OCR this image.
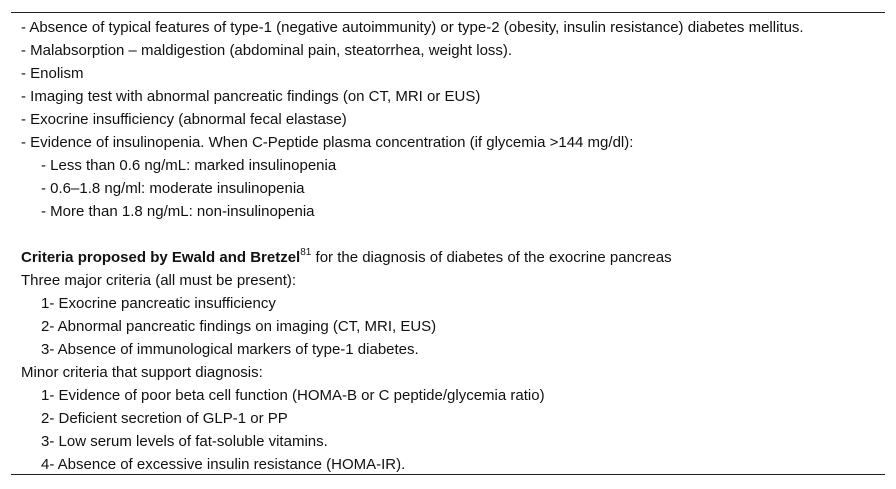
- Absence of typical features of type-1 (negative autoimmunity) or type-2 (obesity, insulin resistance) diabetes mellitus.
- Malabsorption – maldigestion (abdominal pain, steatorrhea, weight loss).
- Enolism
- Imaging test with abnormal pancreatic findings (on CT, MRI or EUS)
- Exocrine insufficiency (abnormal fecal elastase)
- Evidence of insulinopenia. When C-Peptide plasma concentration (if glycemia >144 mg/dl):
- Less than 0.6 ng/mL: marked insulinopenia
- 0.6–1.8 ng/ml: moderate insulinopenia
- More than 1.8 ng/mL: non-insulinopenia
Criteria proposed by Ewald and Bretzel$^{81}$ for the diagnosis of diabetes of the exocrine pancreas
Three major criteria (all must be present):
1- Exocrine pancreatic insufficiency
2- Abnormal pancreatic findings on imaging (CT, MRI, EUS)
3- Absence of immunological markers of type-1 diabetes.
Minor criteria that support diagnosis:
1- Evidence of poor beta cell function (HOMA-B or C peptide/glycemia ratio)
2- Deficient secretion of GLP-1 or PP
3- Low serum levels of fat-soluble vitamins.
4- Absence of excessive insulin resistance (HOMA-IR).
